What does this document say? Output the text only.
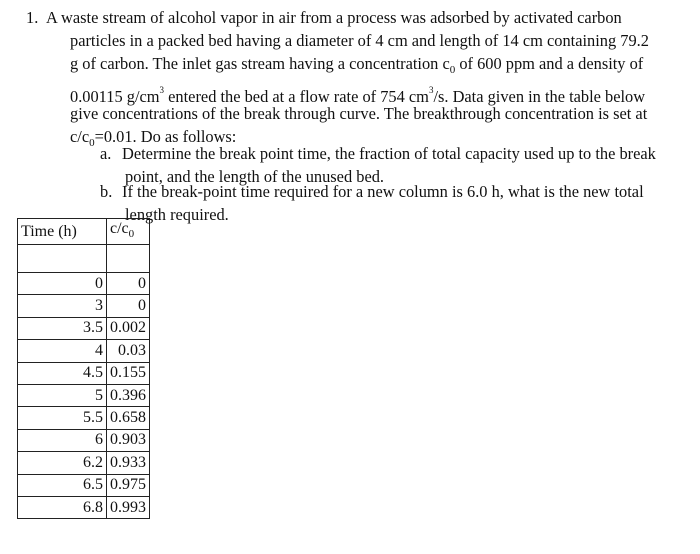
1. A waste stream of alcohol vapor in air from a process was adsorbed by activated carbon
particles in a packed bed having a diameter of 4 cm and length of 14 cm containing 79.2
g of carbon. The inlet gas stream having a concentration $c_0$ of 600 ppm and a density of
0.00115 $g/cm^3$ entered the bed at a flow rate of 754 $cm^3/s$. Data given in the table below
give concentrations of the break through curve. The breakthrough concentration is set at
$c/c_0=0.01$. Do as follows:
a. Determine the break point time, the fraction of total capacity used up to the break
point, and the length of the unused bed.
b. If the break-point time required for a new column is 6.0 h, what is the new total
length required.
Time (h)	$c/c_0$

0	0
3	0
3.5	0.002
4	0.03
4.5	0.155
5	0.396
5.5	0.658
6	0.903
6.2	0.933
6.5	0.975
6.8	0.993
